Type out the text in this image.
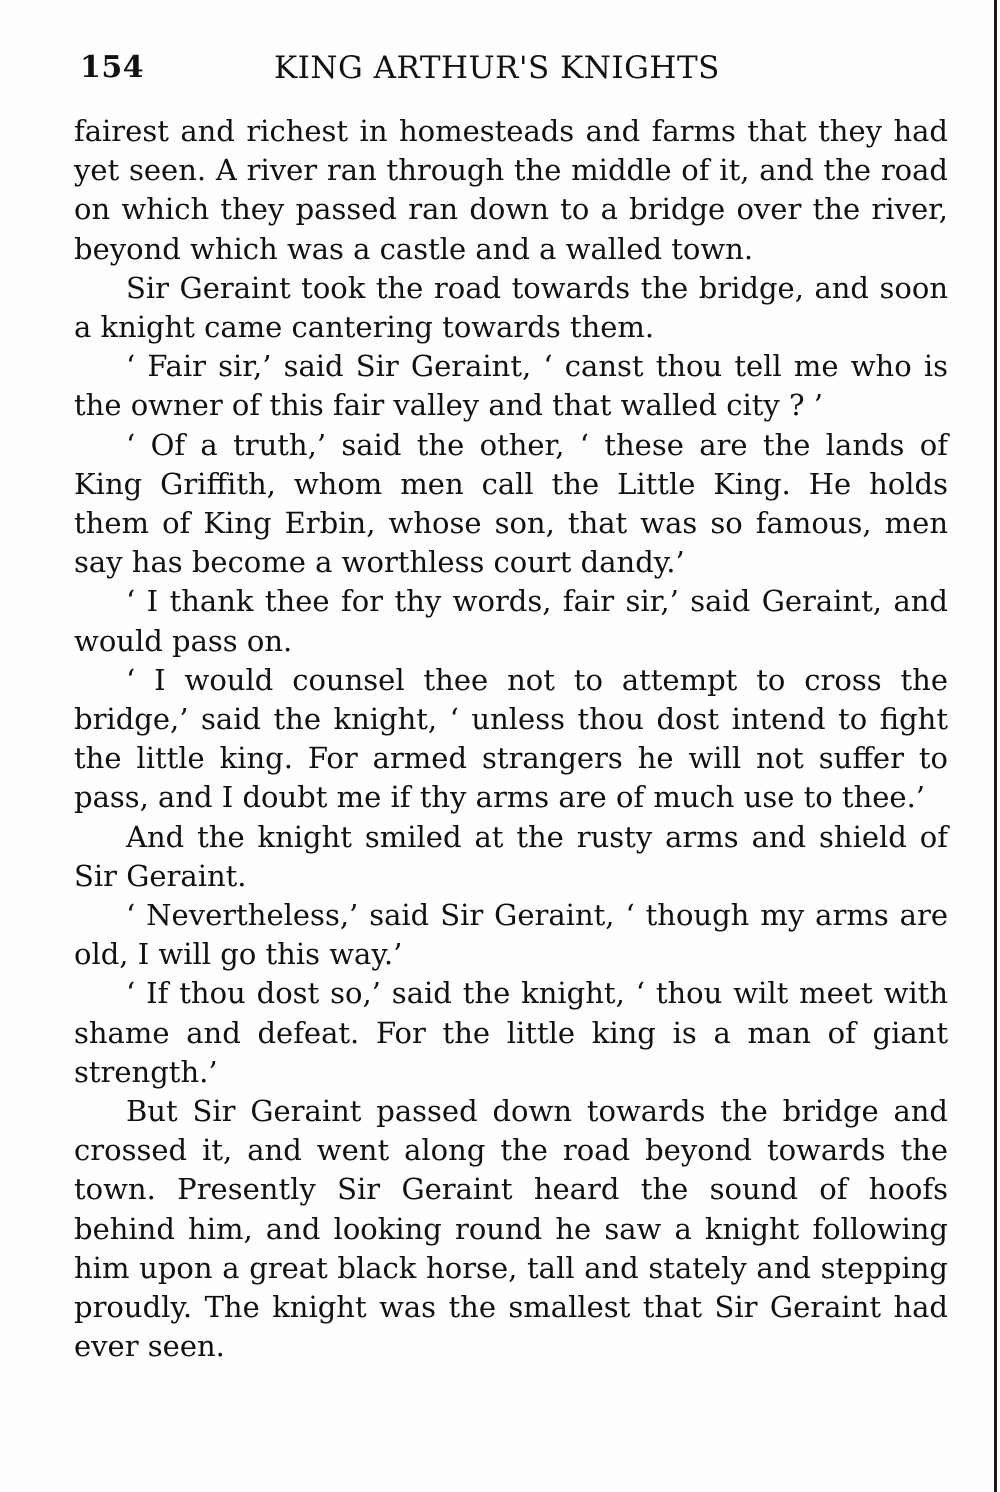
154	KING ARTHUR'S KNIGHTS

fairest and richest in homesteads and farms that they had yet seen. A river ran through the middle of it, and the road on which they passed ran down to a bridge over the river, beyond which was a castle and a walled town.

Sir Geraint took the road towards the bridge, and soon a knight came cantering towards them.

‘ Fair sir,’ said Sir Geraint, ‘ canst thou tell me who is the owner of this fair valley and that walled city ? ’

‘ Of a truth,’ said the other, ‘ these are the lands of King Griffith, whom men call the Little King. He holds them of King Erbin, whose son, that was so famous, men say has become a worthless court dandy.’

‘ I thank thee for thy words, fair sir,’ said Geraint, and would pass on.

‘ I would counsel thee not to attempt to cross the bridge,’ said the knight, ‘ unless thou dost intend to fight the little king. For armed strangers he will not suffer to pass, and I doubt me if thy arms are of much use to thee.’

And the knight smiled at the rusty arms and shield of Sir Geraint.

‘ Nevertheless,’ said Sir Geraint, ‘ though my arms are old, I will go this way.’

‘ If thou dost so,’ said the knight, ‘ thou wilt meet with shame and defeat. For the little king is a man of giant strength.’

But Sir Geraint passed down towards the bridge and crossed it, and went along the road beyond towards the town. Presently Sir Geraint heard the sound of hoofs behind him, and looking round he saw a knight following him upon a great black horse, tall and stately and stepping proudly. The knight was the smallest that Sir Geraint had ever seen.
